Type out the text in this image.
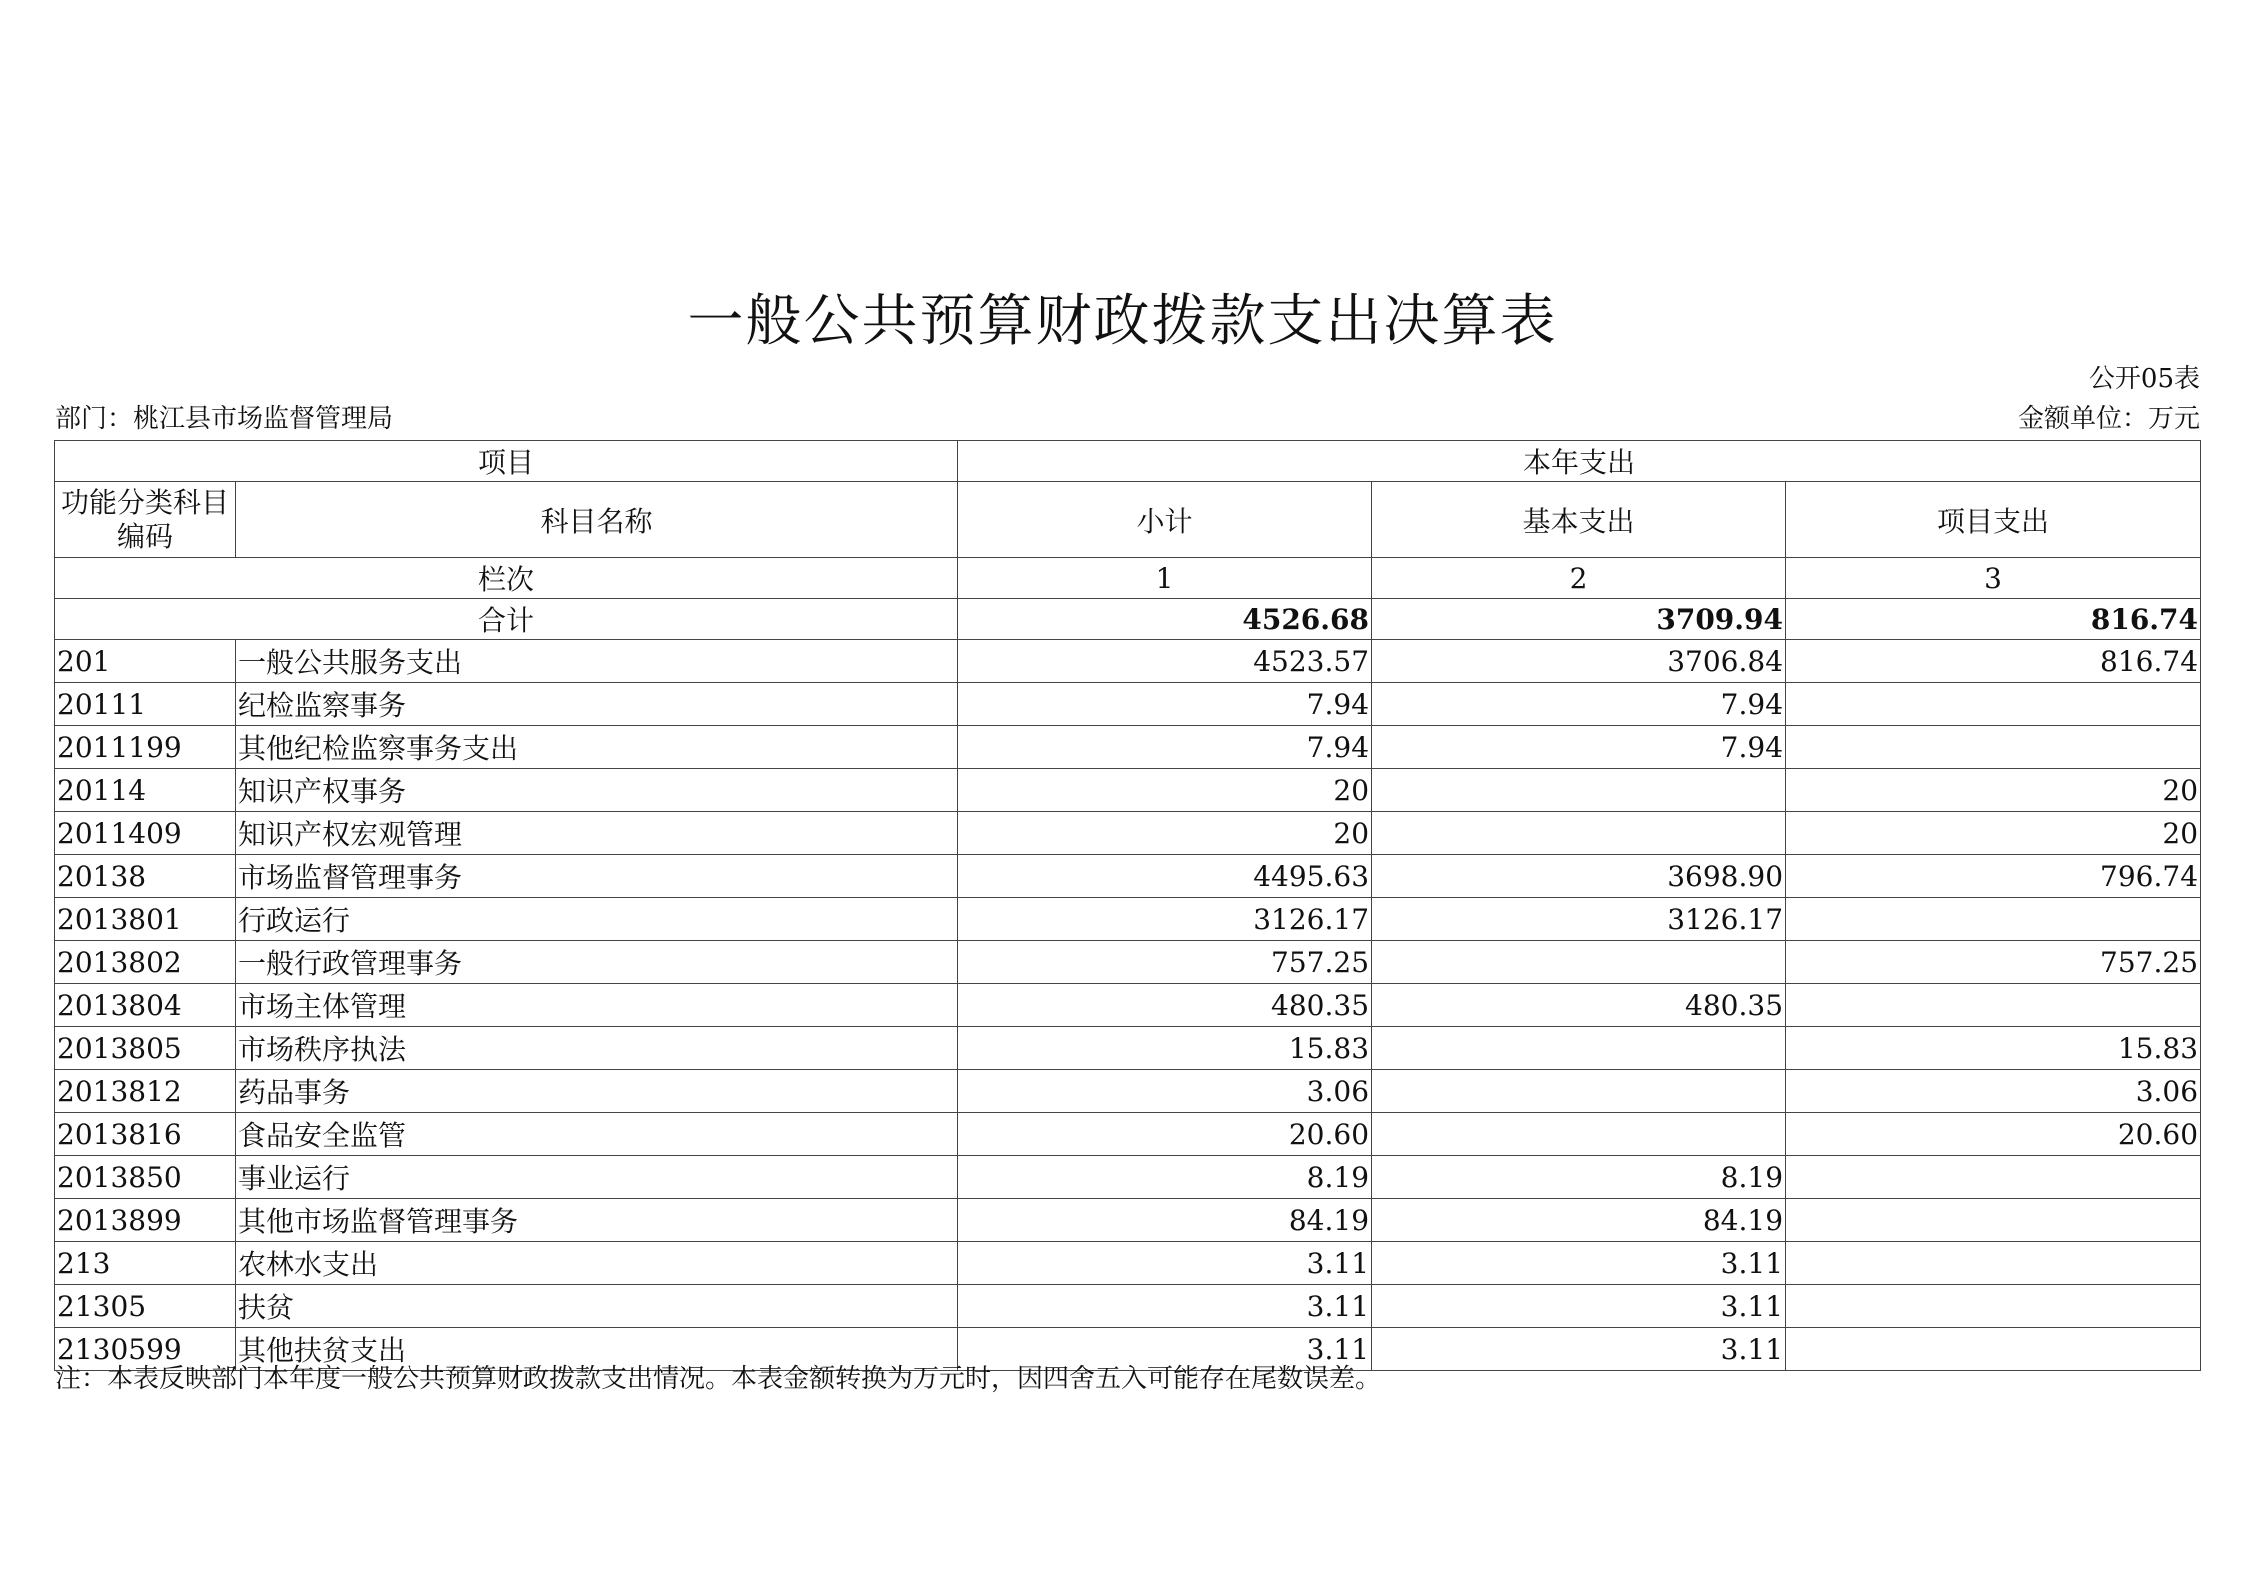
一般公共预算财政拨款支出决算表
公开05表
部门：桃江县市场监督管理局	金额单位：万元
项目		本年支出		
功能分类科目编码	科目名称	小计	基本支出	项目支出
栏次		1	2	3
合计		4526.68	3709.94	816.74
201	一般公共服务支出	4523.57	3706.84	816.74
20111	纪检监察事务	7.94	7.94	
2011199	其他纪检监察事务支出	7.94	7.94	
20114	知识产权事务	20		20
2011409	知识产权宏观管理	20		20
20138	市场监督管理事务	4495.63	3698.90	796.74
2013801	行政运行	3126.17	3126.17	
2013802	一般行政管理事务	757.25		757.25
2013804	市场主体管理	480.35	480.35	
2013805	市场秩序执法	15.83		15.83
2013812	药品事务	3.06		3.06
2013816	食品安全监管	20.60		20.60
2013850	事业运行	8.19	8.19	
2013899	其他市场监督管理事务	84.19	84.19	
213	农林水支出	3.11	3.11	
21305	扶贫	3.11	3.11	
2130599	其他扶贫支出	3.11	3.11	
注：本表反映部门本年度一般公共预算财政拨款支出情况。本表金额转换为万元时，因四舍五入可能存在尾数误差。
